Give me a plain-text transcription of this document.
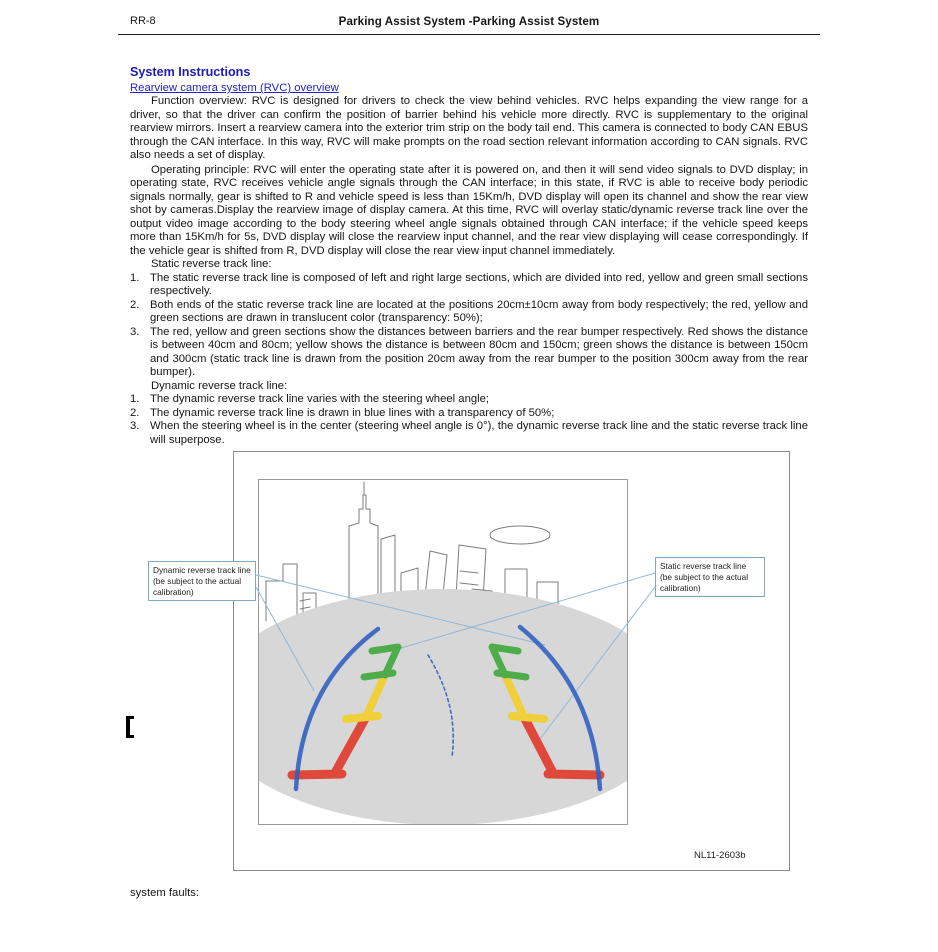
RR-8	Parking Assist System -Parking Assist System
System Instructions
Rearview camera system (RVC) overview

Function overview: RVC is designed for drivers to check the view behind vehicles. RVC helps expanding the view range for a driver, so that the driver can confirm the position of barrier behind his vehicle more directly. RVC is supplementary to the original rearview mirrors. Insert a rearview camera into the exterior trim strip on the body tail end. This camera is connected to body CAN EBUS through the CAN interface. In this way, RVC will make prompts on the road section relevant information according to CAN signals. RVC also needs a set of display.

Operating principle: RVC will enter the operating state after it is powered on, and then it will send video signals to DVD display; in operating state, RVC receives vehicle angle signals through the CAN interface; in this state, if RVC is able to receive body periodic signals normally, gear is shifted to R and vehicle speed is less than 15Km/h, DVD display will open its channel and show the rear view shot by cameras.Display the rearview image of display camera. At this time, RVC will overlay static/dynamic reverse track line over the output video image according to the body steering wheel angle signals obtained through CAN interface; if the vehicle speed keeps more than 15Km/h for 5s, DVD display will close the rearview input channel, and the rear view displaying will cease correspondingly. If the vehicle gear is shifted from R, DVD display will close the rear view input channel immediately.

Static reverse track line:
1. The static reverse track line is composed of left and right large sections, which are divided into red, yellow and green small sections respectively.
2. Both ends of the static reverse track line are located at the positions 20cm±10cm away from body respectively; the red, yellow and green sections are drawn in translucent color (transparency: 50%);
3. The red, yellow and green sections show the distances between barriers and the rear bumper respectively. Red shows the distance is between 40cm and 80cm; yellow shows the distance is between 80cm and 150cm; green shows the distance is between 150cm and 300cm (static track line is drawn from the position 20cm away from the rear bumper to the position 300cm away from the rear bumper).
Dynamic reverse track line:
1. The dynamic reverse track line varies with the steering wheel angle;
2. The dynamic reverse track line is drawn in blue lines with a transparency of 50%;
3. When the steering wheel is in the center (steering wheel angle is 0°), the dynamic reverse track line and the static reverse track line will superpose.
Dynamic reverse track line (be subject to the actual calibration)
Static reverse track line (be subject to the actual calibration)
NL11-2603b
system faults:
